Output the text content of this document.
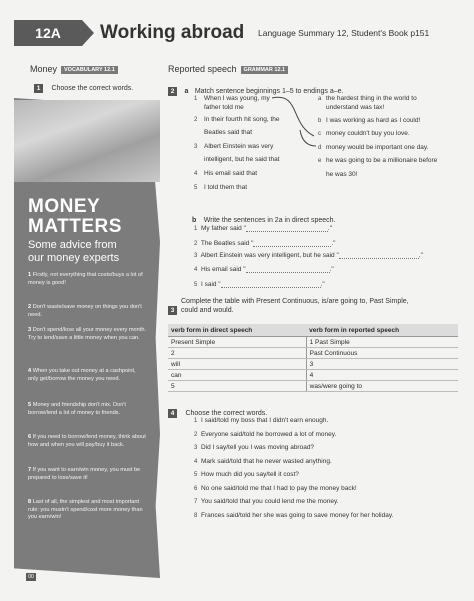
12A	Working abroad Language Summary 12, Student's Book p151
Money VOCABULARY 12.1
1 Choose the correct words.
MONEY
MATTERS
Some advice from
our money experts
1 Firstly, not everything that costs/buys a lot of money is good!
2 Don't waste/save money on things you don't need.
3 Don't spend/lose all your money every month. Try to lend/save a little money when you can.
4 When you take out money at a cashpoint, only get/borrow the money you need.
5 Money and friendship don't mix. Don't borrow/lend a lot of money to friends.
6 If you need to borrow/lend money, think about how and when you will pay/buy it back.
7 If you want to earn/win money, you must be prepared to lose/save it!
8 Last of all, the simplest and most important rule: you mustn't spend/cost more money than you earn/win!
00
Reported speech GRAMMAR 12.1
2 a Match sentence beginnings 1–5 to endings a–e.
1 When I was young, my
father told me
2 In their fourth hit song, the
Beatles said that
3 Albert Einstein was very
intelligent, but he said that
4 His email said that
5 I told them that
a the hardest thing in the world to
understand was tax!
b I was working as hard as I could!
c money couldn't buy you love.
d money would be important one day.
e he was going to be a millionaire before
he was 30!
b Write the sentences in 2a in direct speech.
1 My father said "	."
2 The Beatles said "	."
3 Albert Einstein was very intelligent, but he said "	."
4 His email said "	."
5 I said "	."
3
Complete the table with Present Continuous, is/are going to, Past Simple,
could and would.
verb form in direct speech	verb form in reported speech
Present Simple	1 Past Simple
2	Past Continuous
will	3
can	4
5	was/were going to
4 Choose the correct words.
1 I said/told my boss that I didn't earn enough.
2 Everyone said/told he borrowed a lot of money.
3 Did I say/tell you I was moving abroad?
4 Mark said/told that he never wasted anything.
5 How much did you say/tell it cost?
6 No one said/told me that I had to pay the money back!
7 You said/told that you could lend me the money.
8 Frances said/told her she was going to save money for her holiday.
